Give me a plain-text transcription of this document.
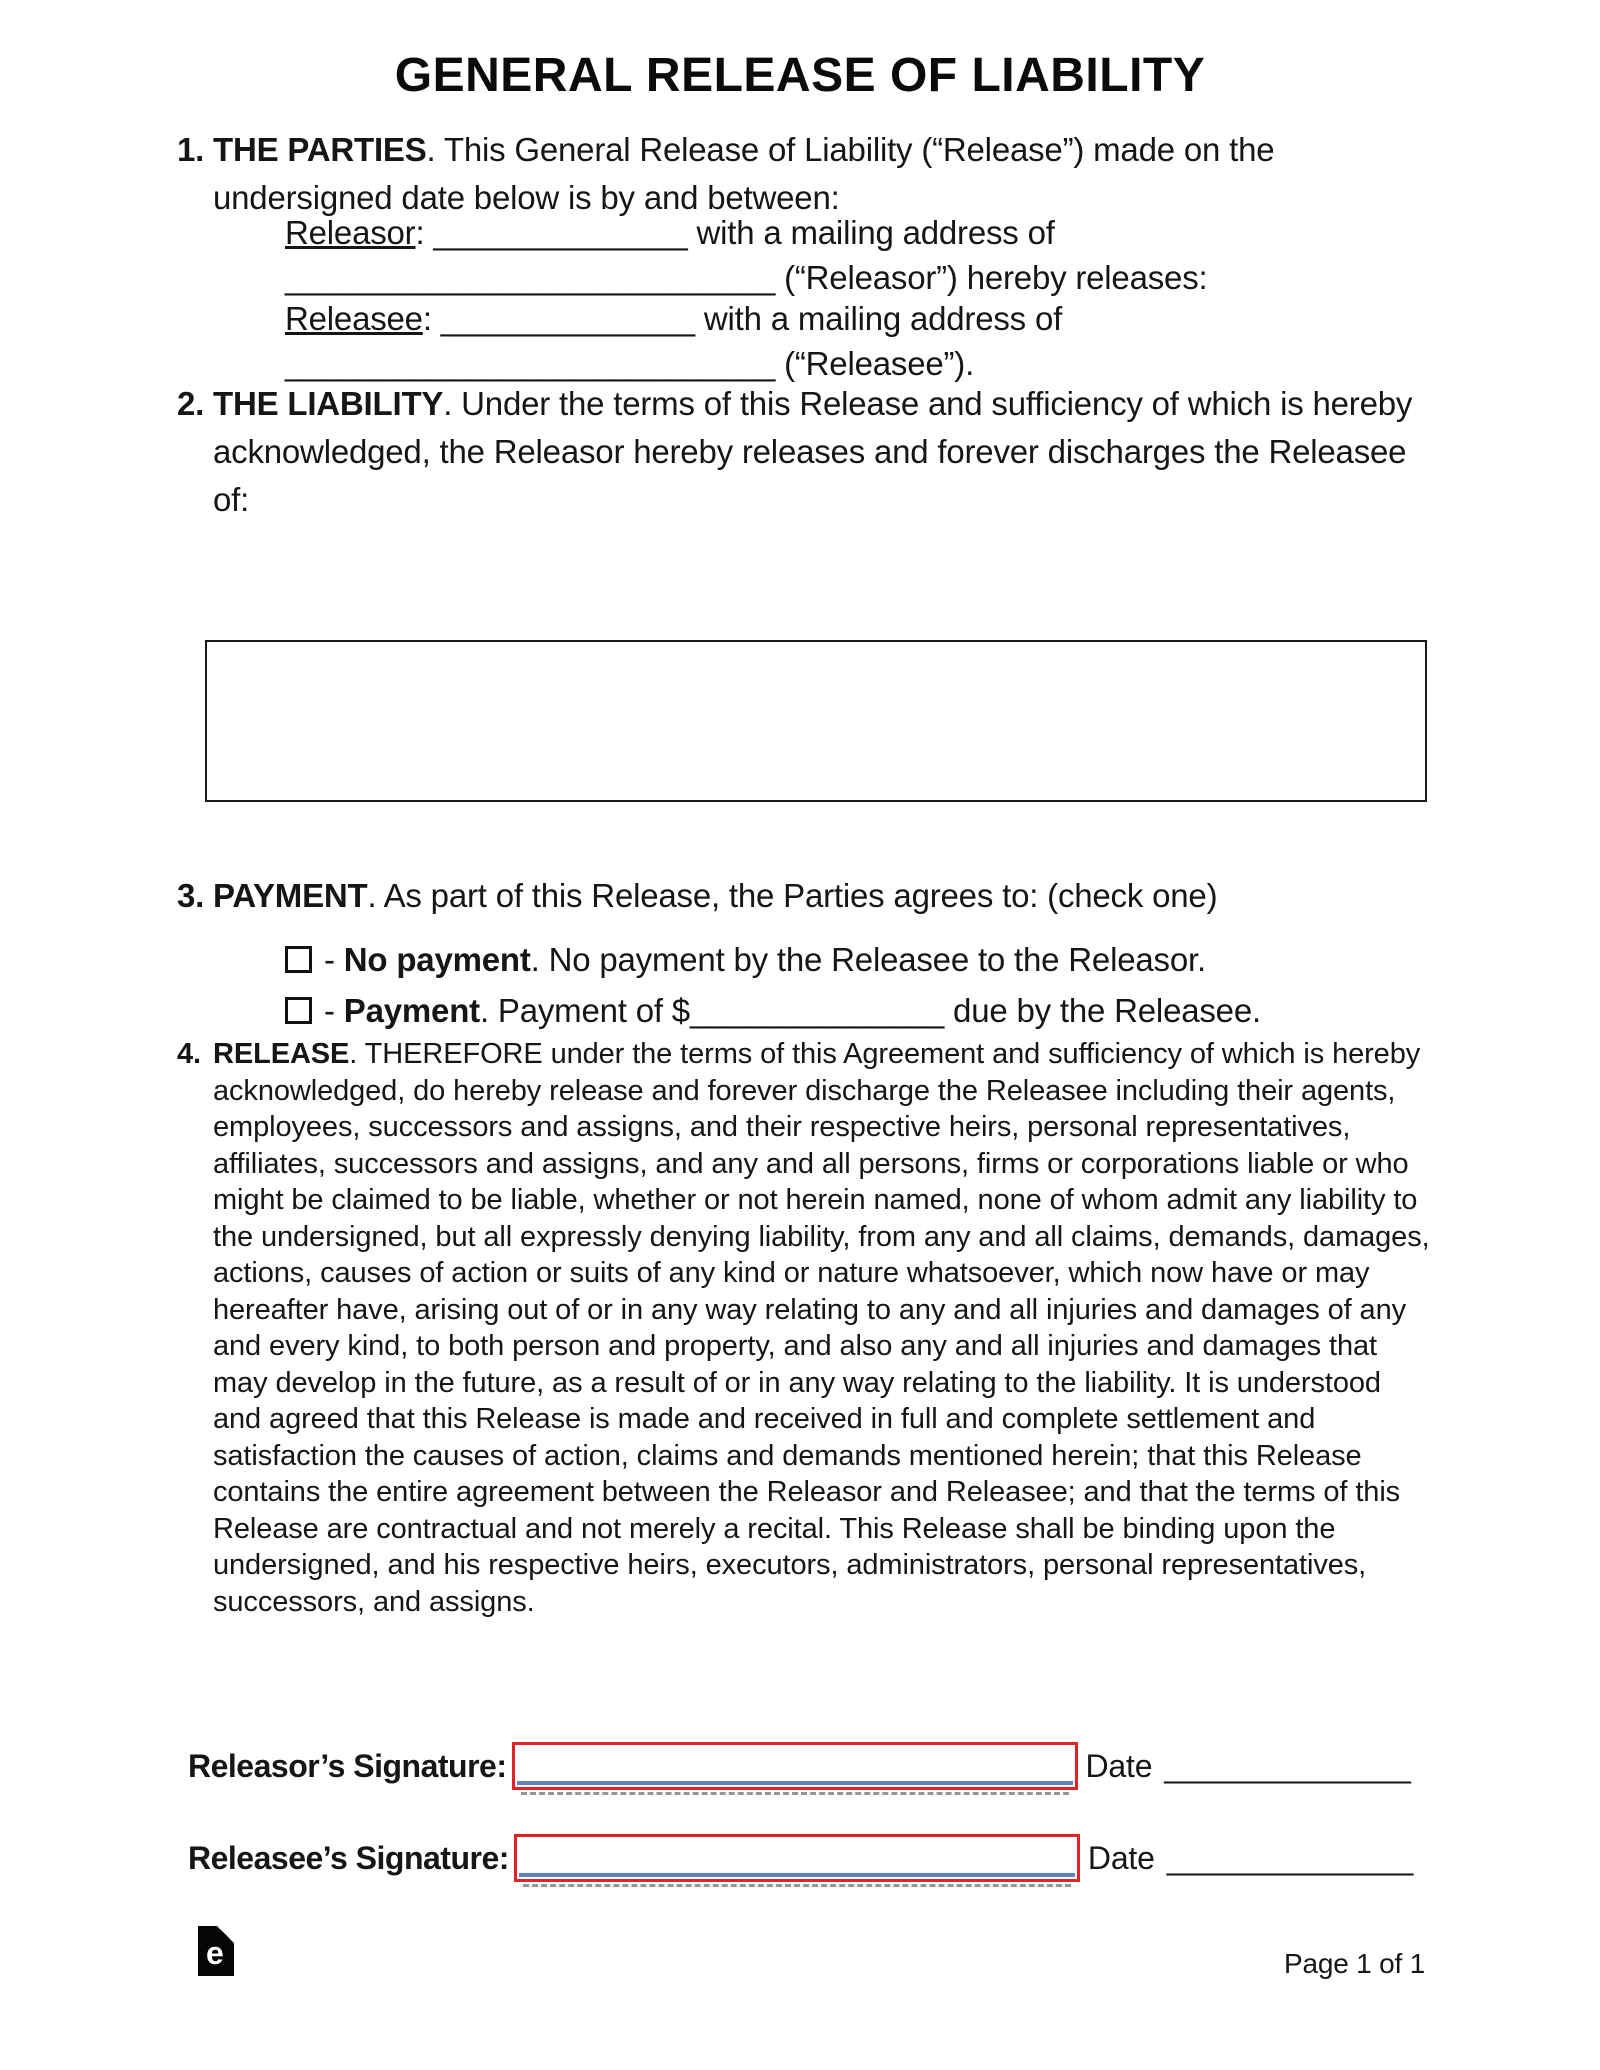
GENERAL RELEASE OF LIABILITY
1. THE PARTIES. This General Release of Liability (“Release”) made on the undersigned date below is by and between:
Releasor: ______________ with a mailing address of
___________________________ (“Releasor”) hereby releases:
Releasee: ______________ with a mailing address of
___________________________ (“Releasee”).
2. THE LIABILITY. Under the terms of this Release and sufficiency of which is hereby acknowledged, the Releasor hereby releases and forever discharges the Releasee of:
3. PAYMENT. As part of this Release, the Parties agrees to: (check one)
- No payment. No payment by the Releasee to the Releasor.
- Payment. Payment of $______________ due by the Releasee.
4. RELEASE. THEREFORE under the terms of this Agreement and sufficiency of which is hereby acknowledged, do hereby release and forever discharge the Releasee including their agents, employees, successors and assigns, and their respective heirs, personal representatives, affiliates, successors and assigns, and any and all persons, firms or corporations liable or who might be claimed to be liable, whether or not herein named, none of whom admit any liability to the undersigned, but all expressly denying liability, from any and all claims, demands, damages, actions, causes of action or suits of any kind or nature whatsoever, which now have or may hereafter have, arising out of or in any way relating to any and all injuries and damages of any and every kind, to both person and property, and also any and all injuries and damages that may develop in the future, as a result of or in any way relating to the liability. It is understood and agreed that this Release is made and received in full and complete settlement and satisfaction the causes of action, claims and demands mentioned herein; that this Release contains the entire agreement between the Releasor and Releasee; and that the terms of this Release are contractual and not merely a recital. This Release shall be binding upon the undersigned, and his respective heirs, executors, administrators, personal representatives, successors, and assigns.
Releasor’s Signature:	Date ______________
Releasee’s Signature:	Date ______________
e	Page 1 of 1
